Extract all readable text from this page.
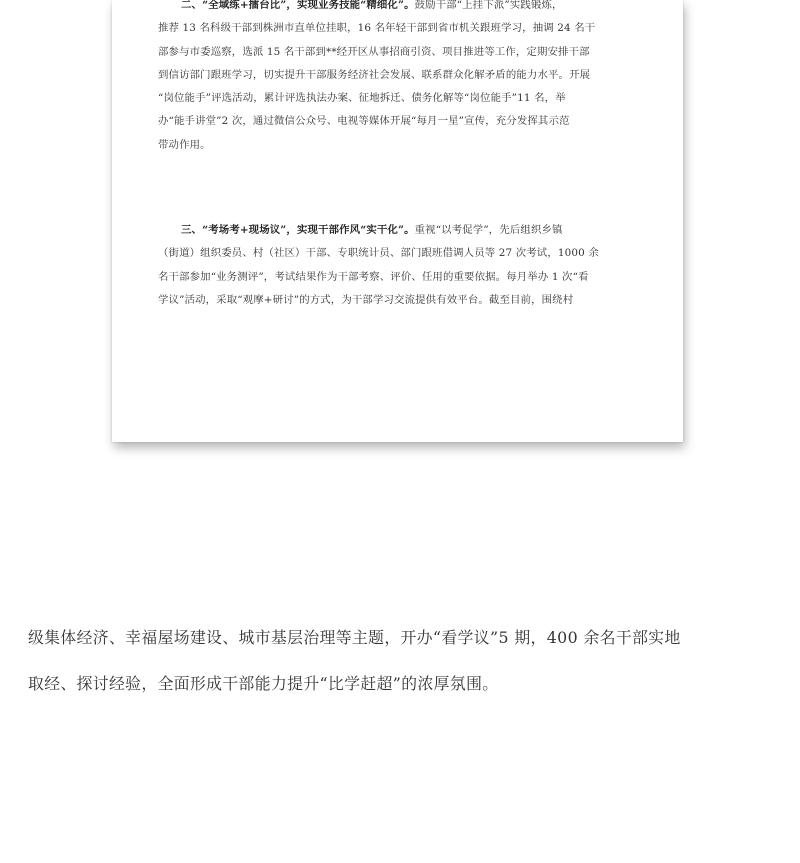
二、“全域练+擂台比”，实现业务技能“精细化”。鼓励干部“上挂下派”实践锻炼，
推荐 13 名科级干部到株洲市直单位挂职，16 名年轻干部到省市机关跟班学习，抽调 24 名干
部参与市委巡察，选派 15 名干部到**经开区从事招商引资、项目推进等工作，定期安排干部
到信访部门跟班学习，切实提升干部服务经济社会发展、联系群众化解矛盾的能力水平。开展
“岗位能手”评选活动，累计评选执法办案、征地拆迁、债务化解等“岗位能手”11 名，举
办“能手讲堂”2 次，通过微信公众号、电视等媒体开展“每月一星”宣传，充分发挥其示范
带动作用。
三、“考场考+现场议”，实现干部作风“实干化”。重视“以考促学”，先后组织乡镇
（街道）组织委员、村（社区）干部、专职统计员、部门跟班借调人员等 27 次考试，1000 余
名干部参加“业务测评”，考试结果作为干部考察、评价、任用的重要依据。每月举办 1 次“看
学议”活动，采取“观摩+研讨”的方式，为干部学习交流提供有效平台。截至目前，围绕村
级集体经济、幸福屋场建设、城市基层治理等主题，开办“看学议”5 期，400 余名干部实地
取经、探讨经验，全面形成干部能力提升“比学赶超”的浓厚氛围。
